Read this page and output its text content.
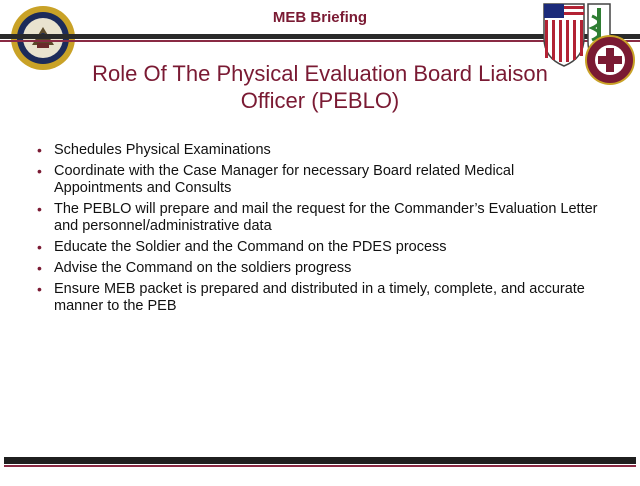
MEB Briefing
Role Of The Physical Evaluation Board Liaison
Officer (PEBLO)
• Schedules Physical Examinations
• Coordinate with the Case Manager for necessary Board related Medical Appointments and Consults
• The PEBLO will prepare and mail the request for the Commander’s Evaluation Letter and personnel/administrative data
• Educate the Soldier and the Command on the PDES process
• Advise the Command on the soldiers progress
• Ensure MEB packet is prepared and distributed in a timely, complete, and accurate manner to the PEB
